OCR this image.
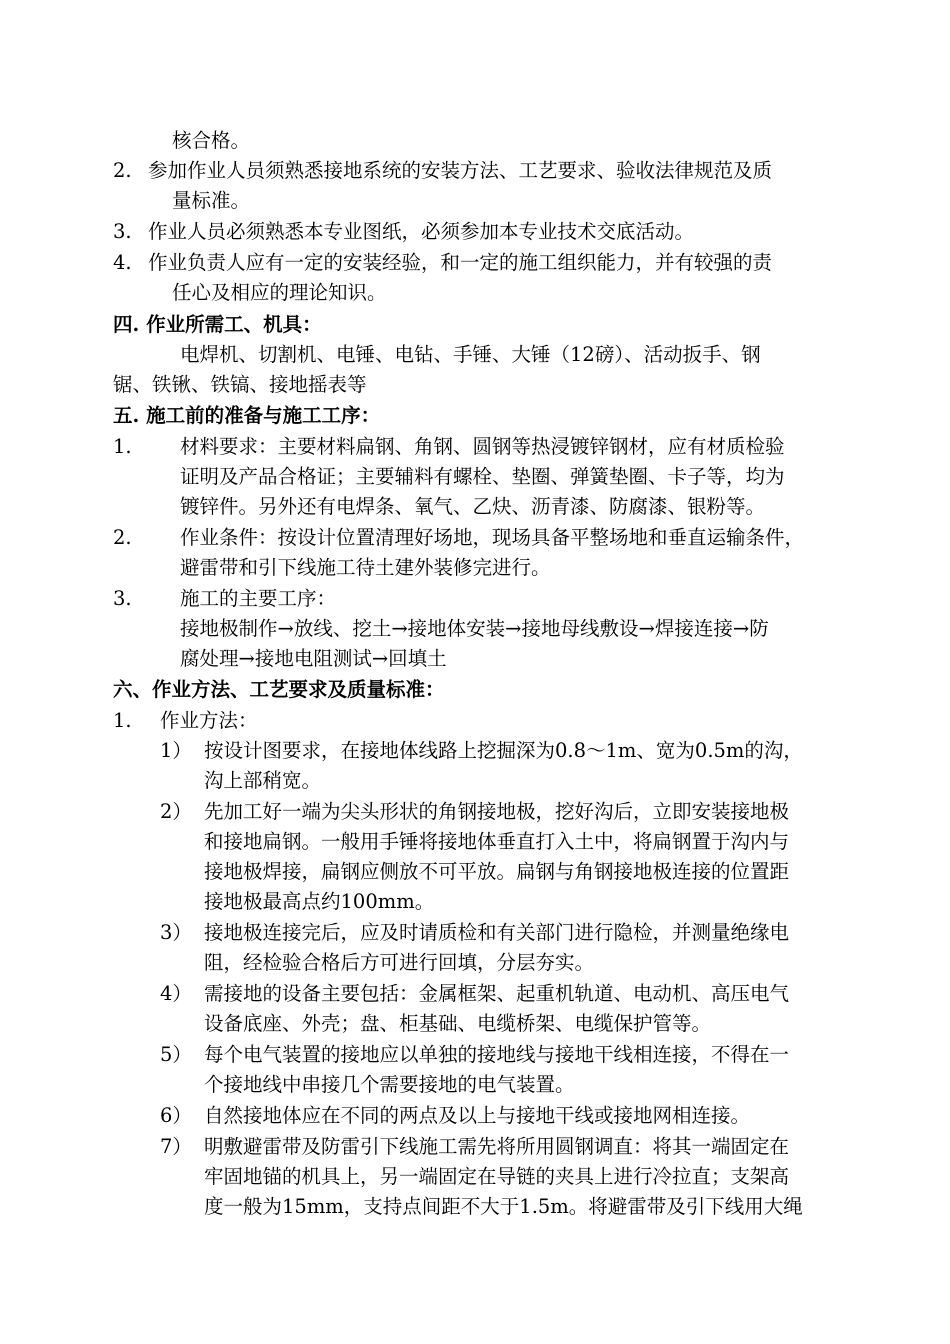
核合格。
2. 参加作业人员须熟悉接地系统的安装方法、工艺要求、验收法律规范及质
量标准。
3. 作业人员必须熟悉本专业图纸，必须参加本专业技术交底活动。
4. 作业负责人应有一定的安装经验，和一定的施工组织能力，并有较强的责
任心及相应的理论知识。
四. 作业所需工、机具：
电焊机、切割机、电锤、电钻、手锤、大锤（12磅）、活动扳手、钢
锯、铁锹、铁镐、接地摇表等
五. 施工前的准备与施工工序：
1. 材料要求：主要材料扁钢、角钢、圆钢等热浸镀锌钢材，应有材质检验
证明及产品合格证；主要辅料有螺栓、垫圈、弹簧垫圈、卡子等，均为
镀锌件。另外还有电焊条、氧气、乙炔、沥青漆、防腐漆、银粉等。
2. 作业条件：按设计位置清理好场地，现场具备平整场地和垂直运输条件，
避雷带和引下线施工待土建外装修完进行。
3. 施工的主要工序：
接地极制作→放线、挖土→接地体安装→接地母线敷设→焊接连接→防
腐处理→接地电阻测试→回填土
六、作业方法、工艺要求及质量标准：
1. 作业方法：
1） 按设计图要求，在接地体线路上挖掘深为0.8～1m、宽为0.5m的沟，
沟上部稍宽。
2） 先加工好一端为尖头形状的角钢接地极，挖好沟后，立即安装接地极
和接地扁钢。一般用手锤将接地体垂直打入土中，将扁钢置于沟内与
接地极焊接，扁钢应侧放不可平放。扁钢与角钢接地极连接的位置距
接地极最高点约100mm。
3） 接地极连接完后，应及时请质检和有关部门进行隐检，并测量绝缘电
阻，经检验合格后方可进行回填，分层夯实。
4） 需接地的设备主要包括：金属框架、起重机轨道、电动机、高压电气
设备底座、外壳；盘、柜基础、电缆桥架、电缆保护管等。
5） 每个电气装置的接地应以单独的接地线与接地干线相连接，不得在一
个接地线中串接几个需要接地的电气装置。
6） 自然接地体应在不同的两点及以上与接地干线或接地网相连接。
7） 明敷避雷带及防雷引下线施工需先将所用圆钢调直：将其一端固定在
牢固地锚的机具上，另一端固定在导链的夹具上进行冷拉直；支架高
度一般为15mm，支持点间距不大于1.5m。将避雷带及引下线用大绳
